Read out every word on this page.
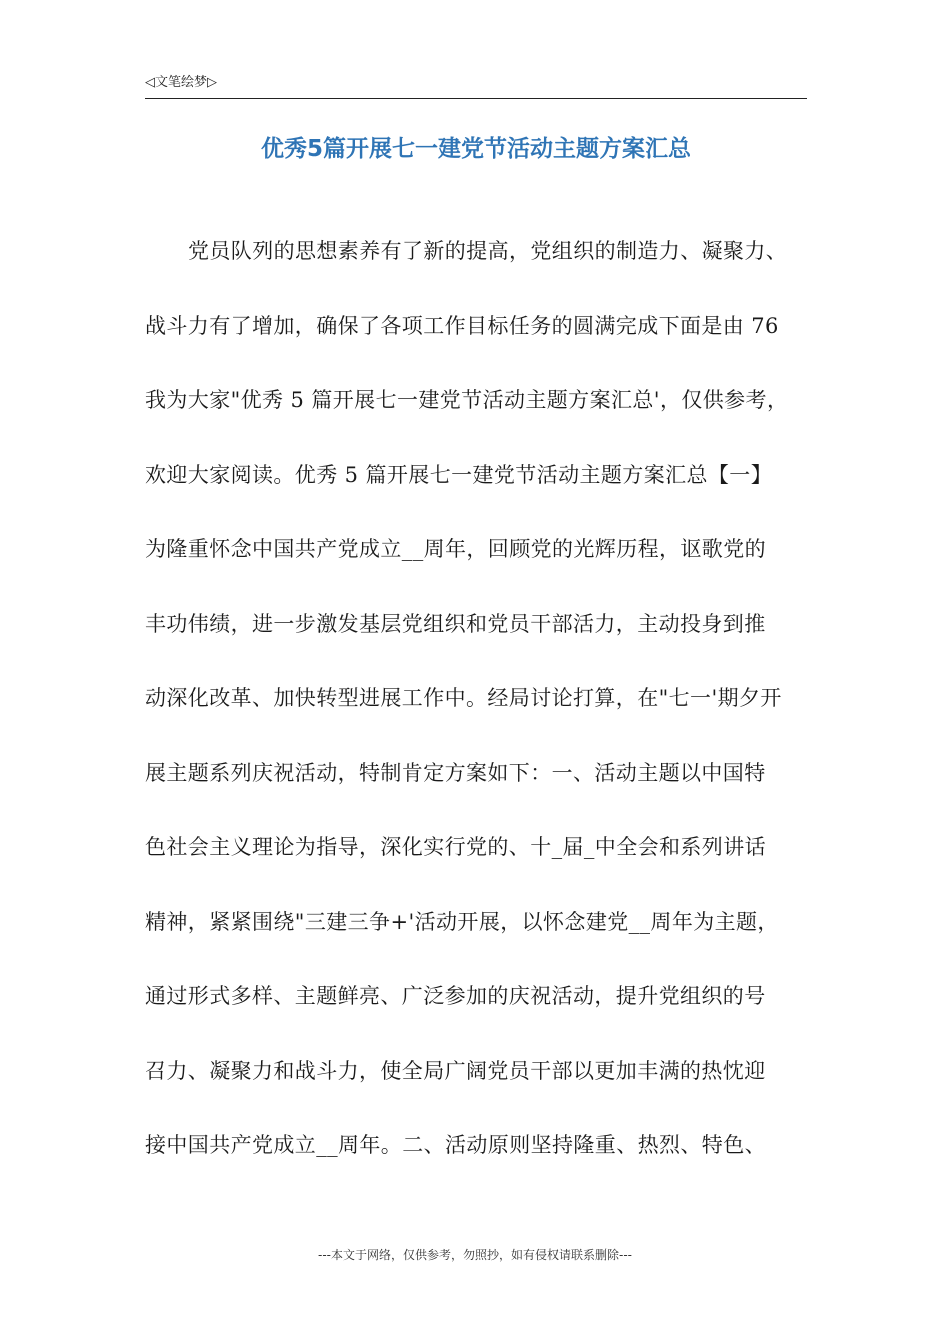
◁文笔绘梦▷
优秀5篇开展七一建党节活动主题方案汇总
党员队列的思想素养有了新的提高，党组织的制造力、凝聚力、
战斗力有了增加，确保了各项工作目标任务的圆满完成下面是由 76
我为大家"优秀 5 篇开展七一建党节活动主题方案汇总'，仅供参考，
欢迎大家阅读。优秀 5 篇开展七一建党节活动主题方案汇总【一】
为隆重怀念中国共产党成立__周年，回顾党的光辉历程，讴歌党的
丰功伟绩，进一步激发基层党组织和党员干部活力，主动投身到推
动深化改革、加快转型进展工作中。经局讨论打算，在"七一'期夕开
展主题系列庆祝活动，特制肯定方案如下：一、活动主题以中国特
色社会主义理论为指导，深化实行党的、十_届_中全会和系列讲话
精神，紧紧围绕"三建三争+'活动开展，以怀念建党__周年为主题，
通过形式多样、主题鲜亮、广泛参加的庆祝活动，提升党组织的号
召力、凝聚力和战斗力，使全局广阔党员干部以更加丰满的热忱迎
接中国共产党成立__周年。二、活动原则坚持隆重、热烈、特色、
---本文于网络，仅供参考，勿照抄，如有侵权请联系删除---
